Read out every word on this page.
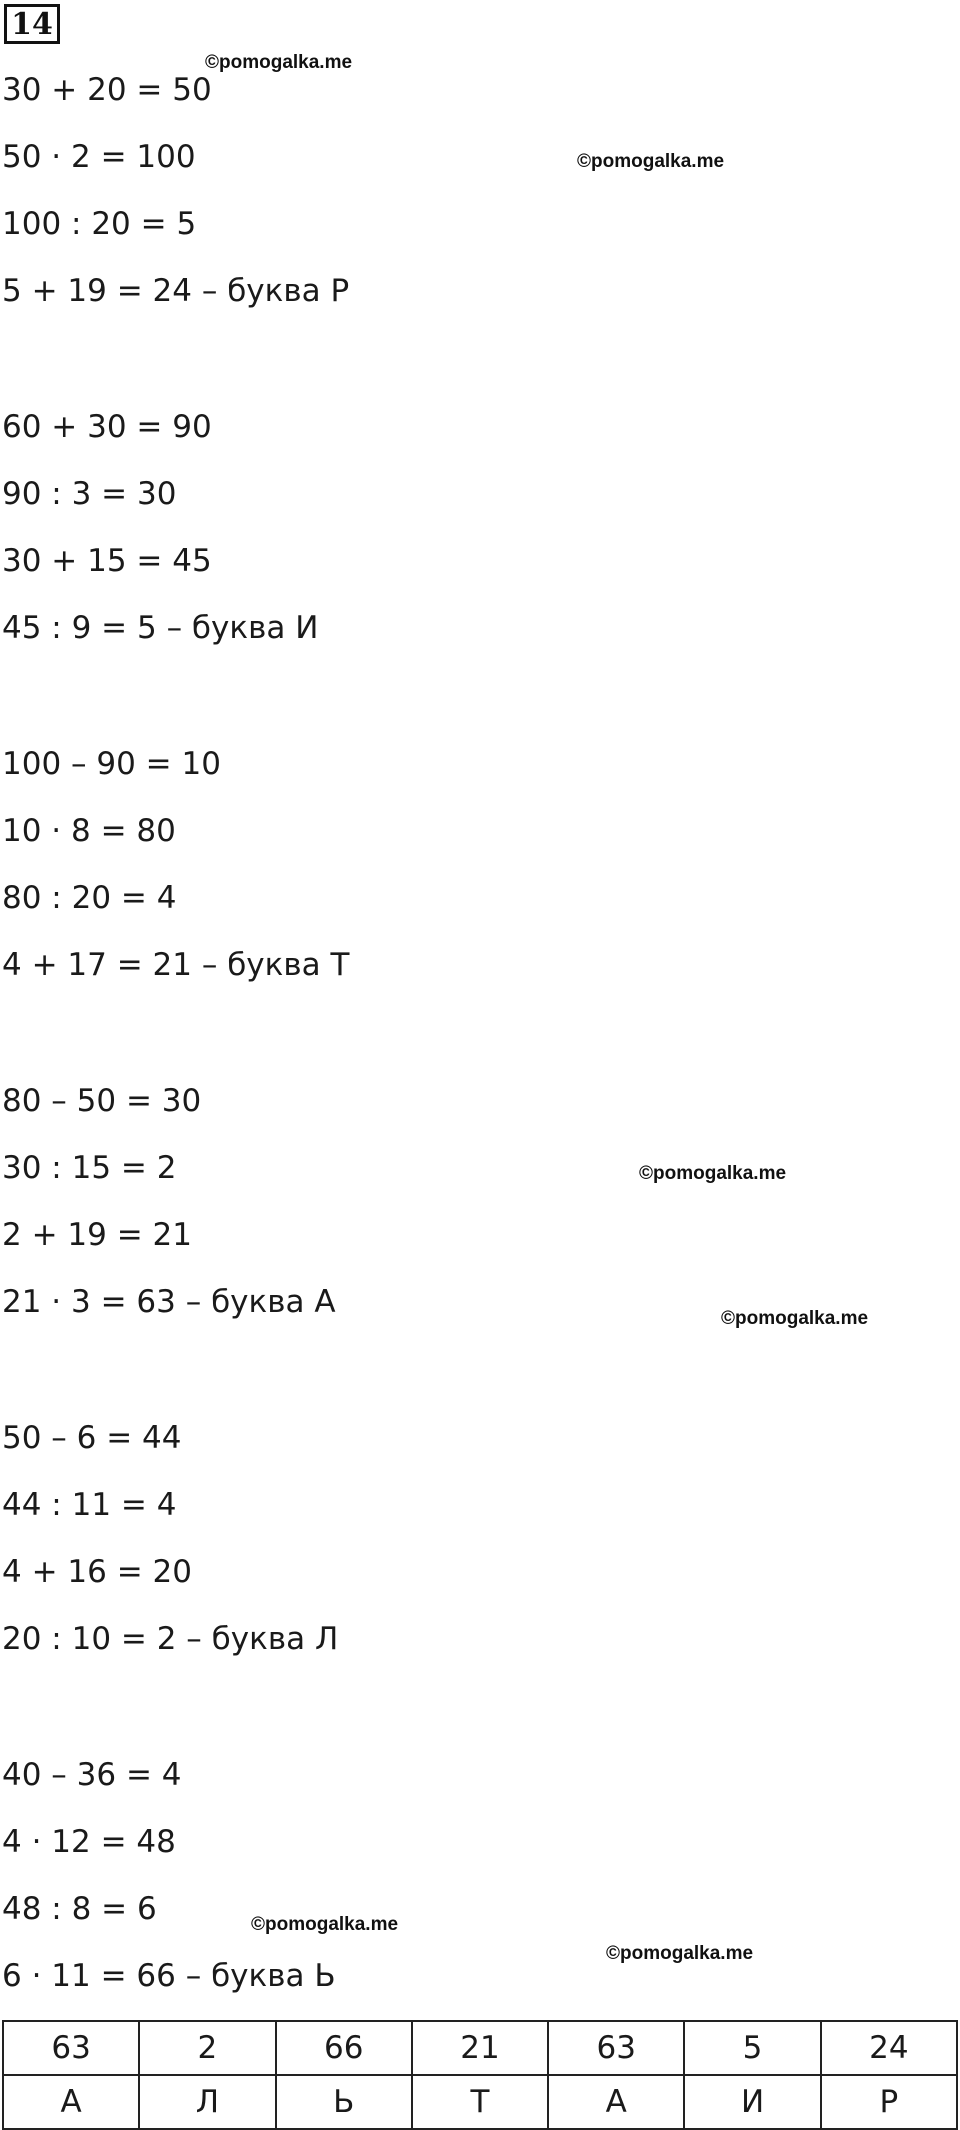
14
30 + 20 = 50
50 · 2 = 100
100 : 20 = 5
5 + 19 = 24 – буква Р
60 + 30 = 90
90 : 3 = 30
30 + 15 = 45
45 : 9 = 5 – буква И
100 – 90 = 10
10 · 8 = 80
80 : 20 = 4
4 + 17 = 21 – буква Т
80 – 50 = 30
30 : 15 = 2
2 + 19 = 21
21 · 3 = 63 – буква А
50 – 6 = 44
44 : 11 = 4
4 + 16 = 20
20 : 10 = 2 – буква Л
40 – 36 = 4
4 · 12 = 48
48 : 8 = 6
6 · 11 = 66 – буква Ь
©pomogalka.me
©pomogalka.me
©pomogalka.me
©pomogalka.me
©pomogalka.me
©pomogalka.me
63	2	66	21	63	5	24
А	Л	Ь	Т	А	И	Р
